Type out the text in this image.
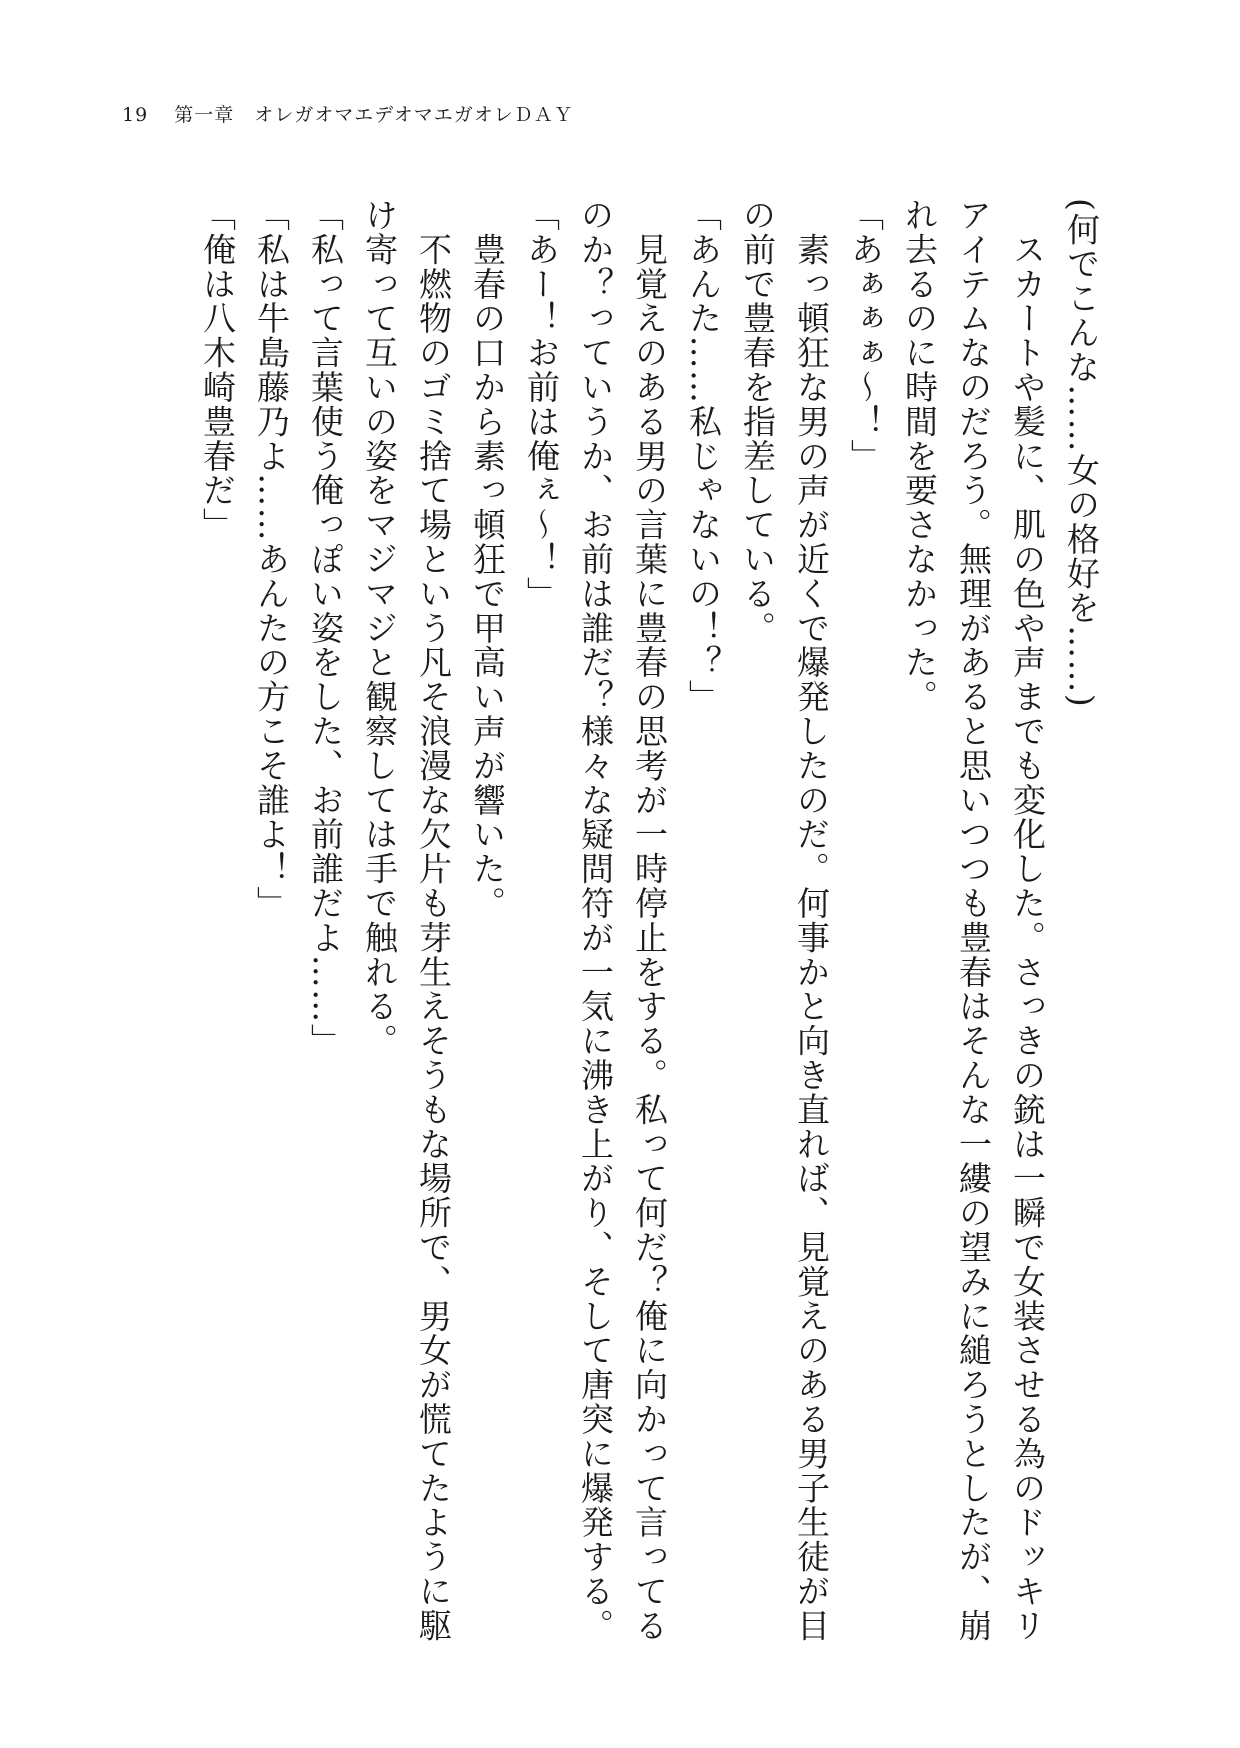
19 第一章　オレガオマエデオマエガオレＤＡＹ

(何でこんな……女の格好を……)

　スカートや髪に、肌の色や声までも変化した。さっきの銃は一瞬で女装させる為のドッキリアイテムなのだろう。無理があると思いつつも豊春はそんな一縷の望みに縋ろうとしたが、崩れ去るのに時間を要さなかった。

「あぁぁぁ～！」

　素っ頓狂な男の声が近くで爆発したのだ。何事かと向き直れば、見覚えのある男子生徒が目の前で豊春を指差している。

「あんた……私じゃないの！？」

　見覚えのある男の言葉に豊春の思考が一時停止をする。私って何だ？俺に向かって言ってるのか？っていうか、お前は誰だ？様々な疑問符が一気に沸き上がり、そして唐突に爆発する。

「あー！お前は俺ぇ～！」

　豊春の口から素っ頓狂で甲高い声が響いた。

　不燃物のゴミ捨て場という凡そ浪漫な欠片も芽生えそうもな場所で、男女が慌てたように駆け寄って互いの姿をマジマジと観察しては手で触れる。

「私って言葉使う俺っぽい姿をした、お前誰だよ……」

「私は牛島藤乃よ……あんたの方こそ誰よ！」

「俺は八木崎豊春だ」
